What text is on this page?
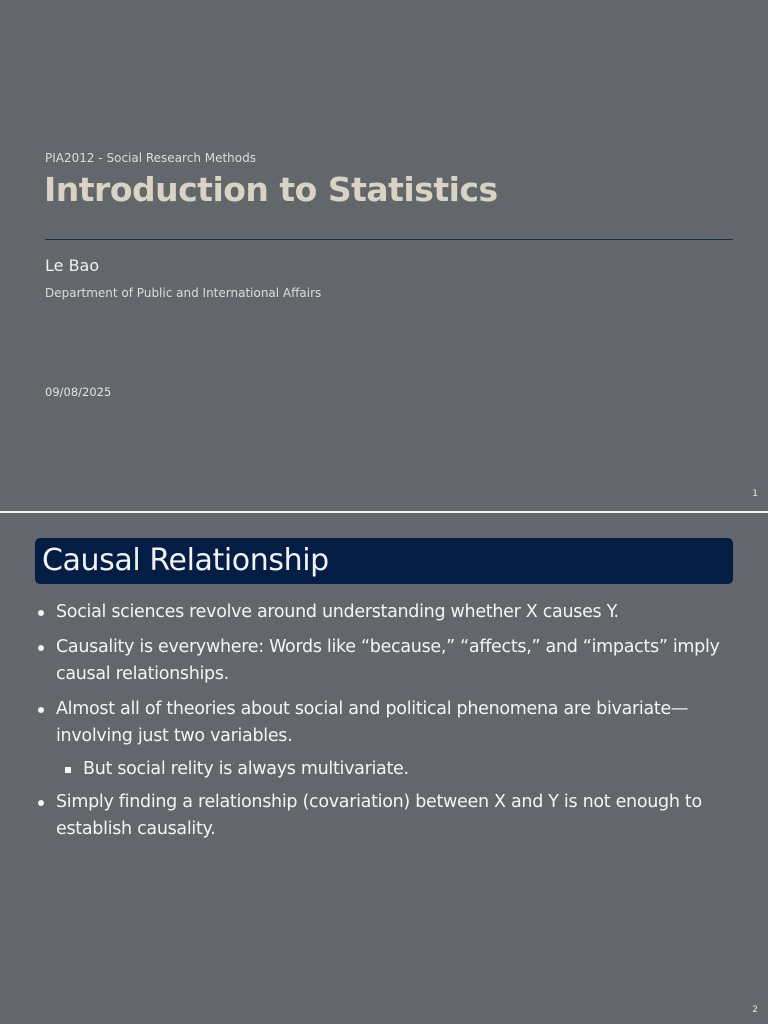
PIA2012 - Social Research Methods
Introduction to Statistics
Le Bao
Department of Public and International Affairs
09/08/2025
1
Causal Relationship
Social sciences revolve around understanding whether X causes Y.
Causality is everywhere: Words like “because,” “affects,” and “impacts” imply causal relationships.
Almost all of theories about social and political phenomena are bivariate— involving just two variables.
But social relity is always multivariate.
Simply finding a relationship (covariation) between X and Y is not enough to establish causality.
2
